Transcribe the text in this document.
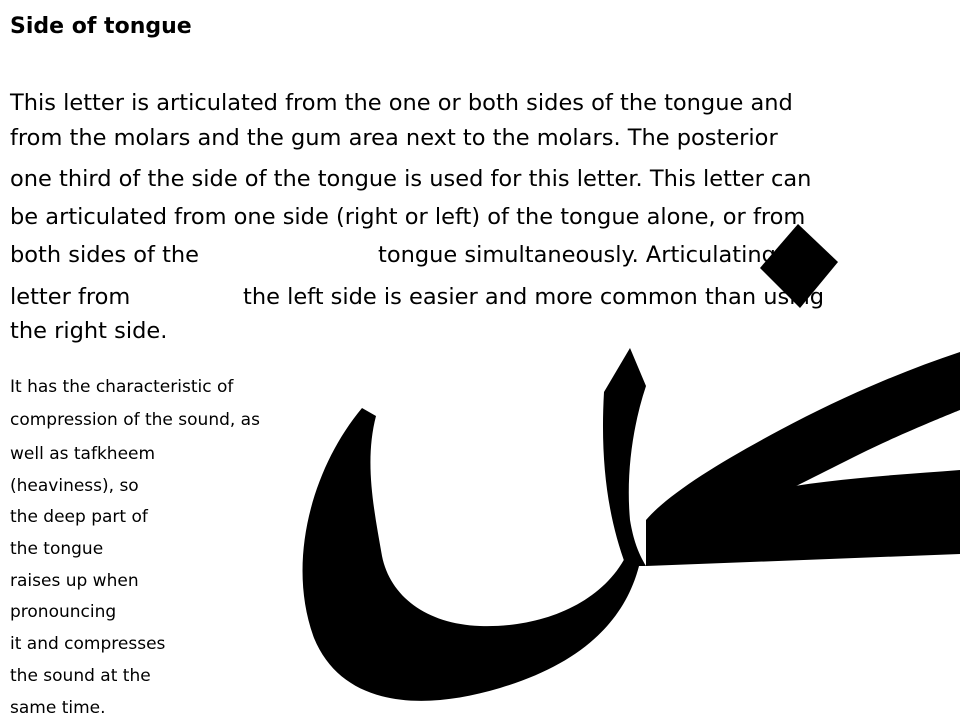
Side of tongue
This letter is articulated from the one or both sides of the tongue and
from the molars and the gum area next to the molars. The posterior
one third of the side of the tongue is used for this letter. This letter can
be articulated from one side (right or left) of the tongue alone, or from
both sides of the	tongue simultaneously. Articulating this
letter from	the left side is easier and more common than using
the right side.
It has the characteristic of
compression of the sound, as
well as tafkheem
(heaviness), so
the deep part of
the tongue
raises up when
pronouncing
it and compresses
the sound at the
same time.
